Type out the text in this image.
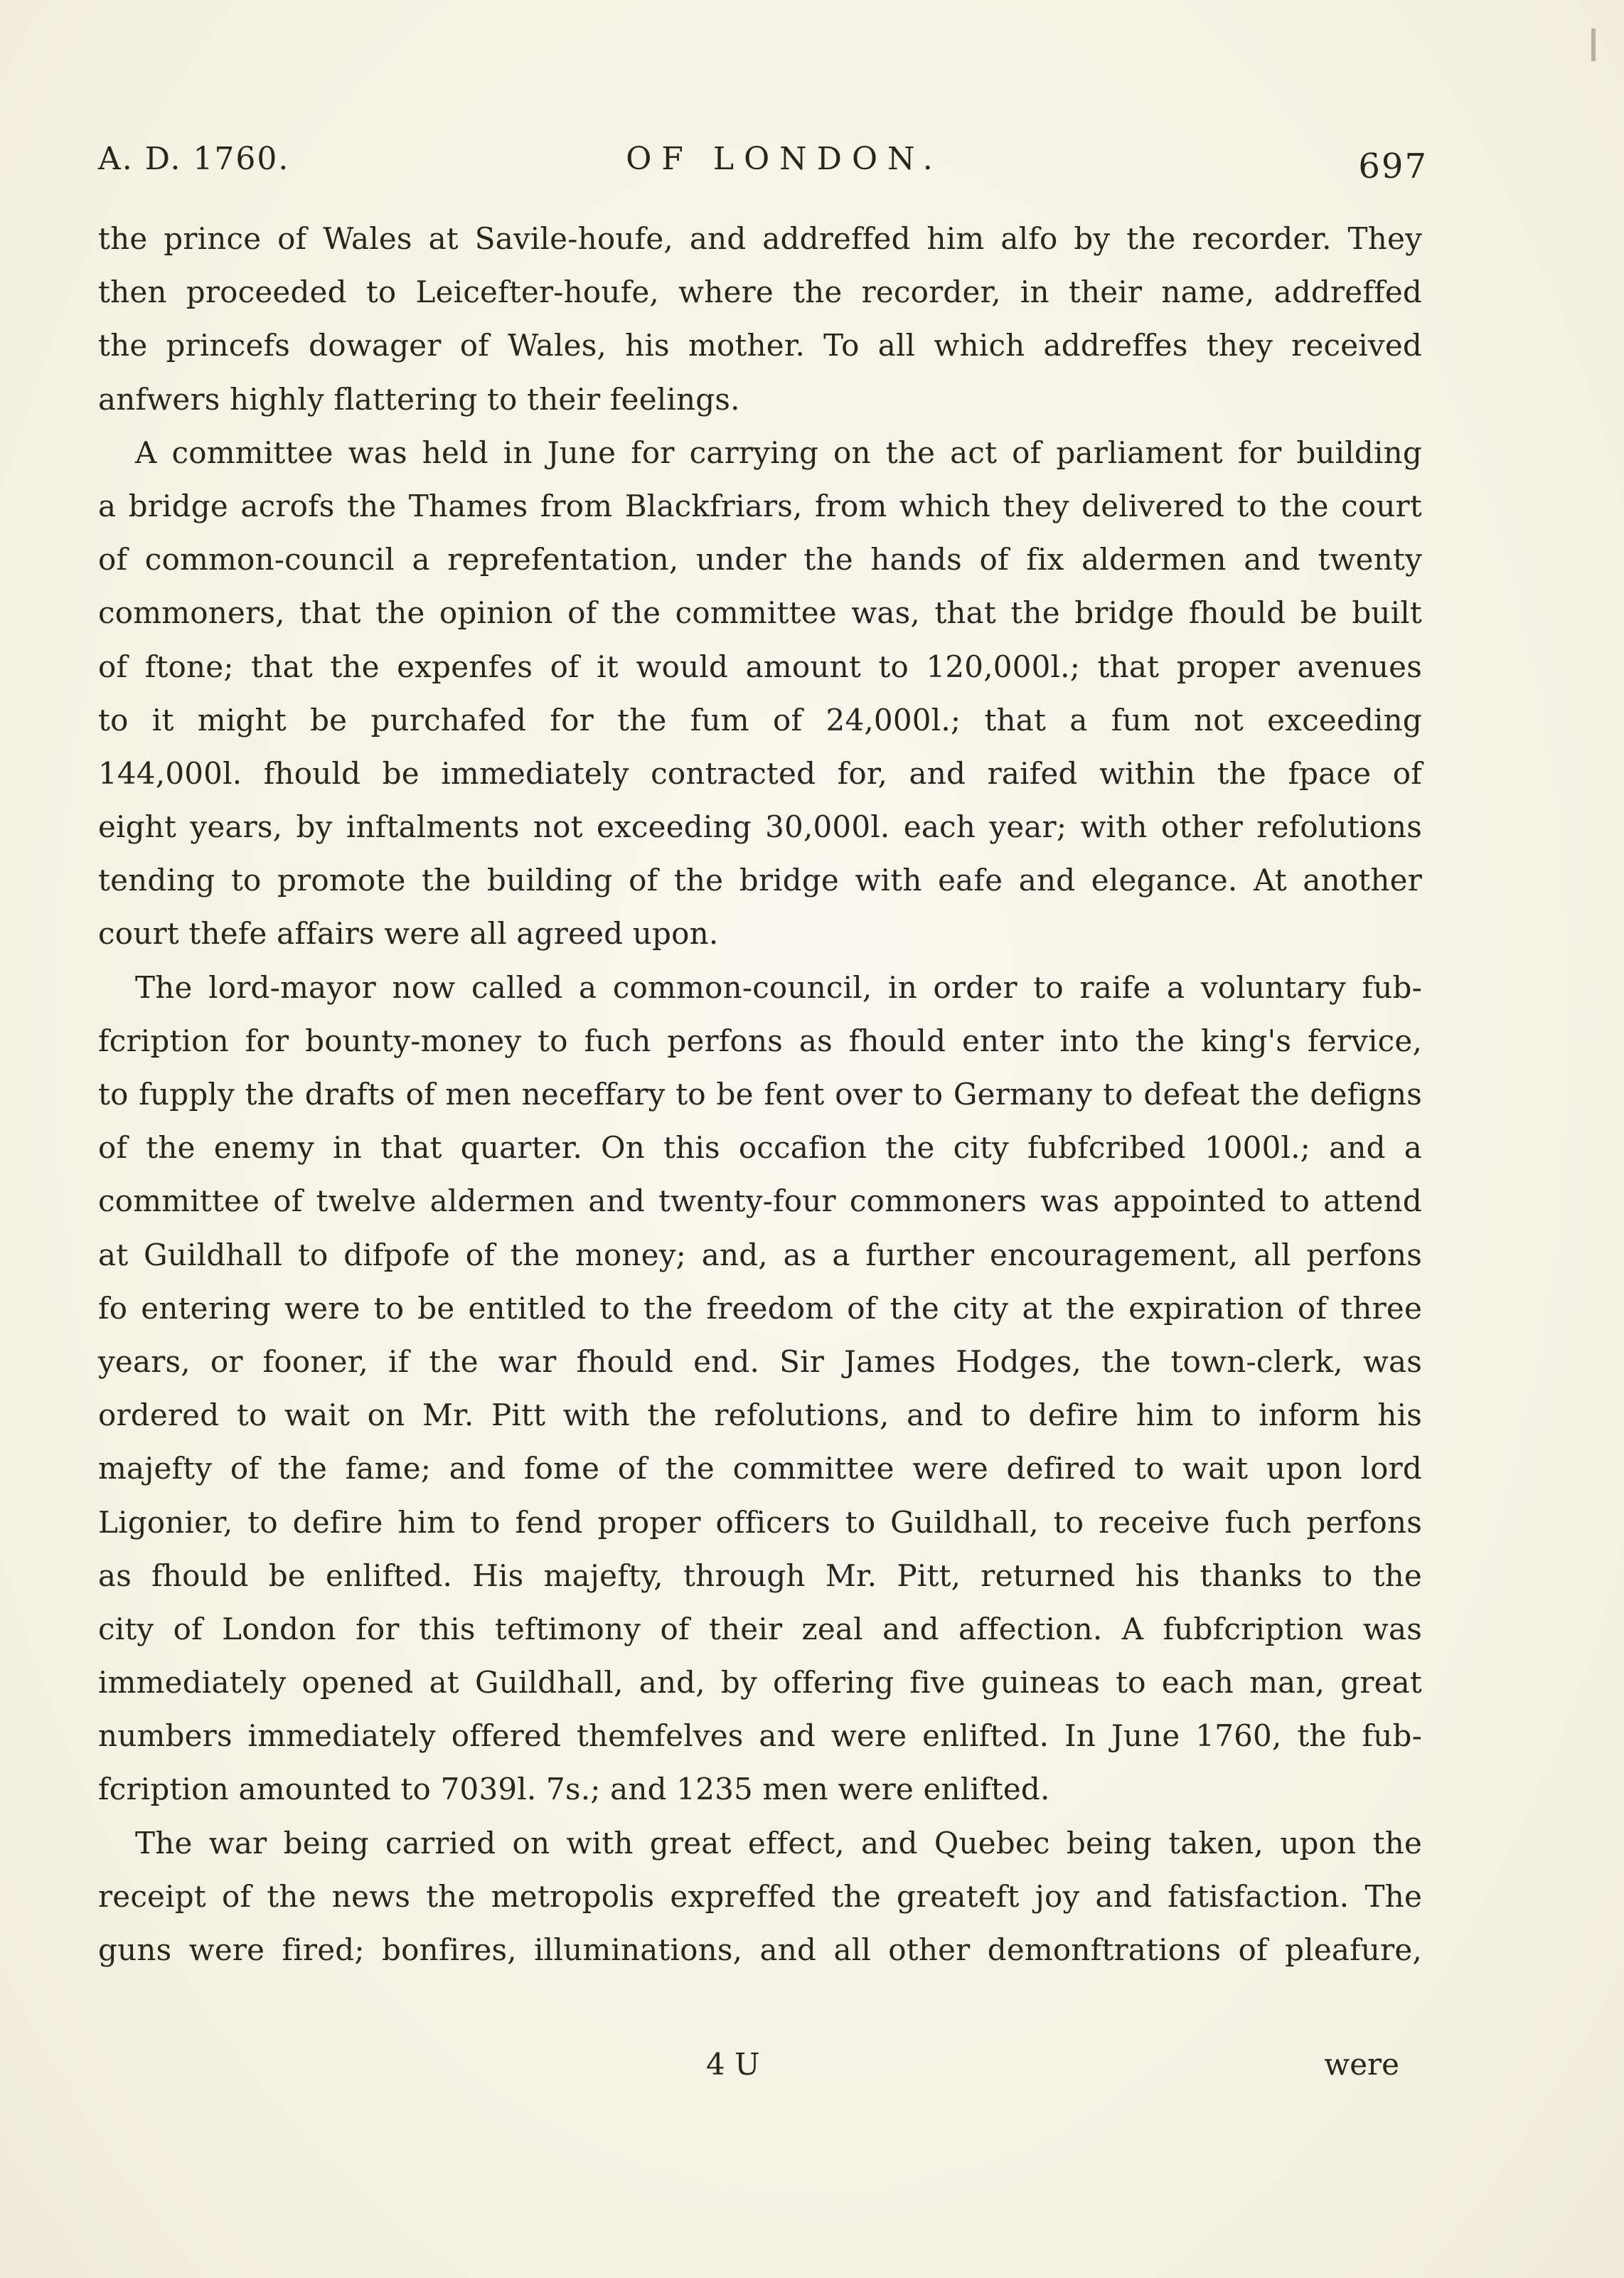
A. D. 1760.	OF LONDON.	697
the prince of Wales at Savile-houfe, and addreffed him alfo by the recorder. They
then proceeded to Leicefter-houfe, where the recorder, in their name, addreffed
the princefs dowager of Wales, his mother. To all which addreffes they received
anfwers highly flattering to their feelings.
A committee was held in June for carrying on the act of parliament for building
a bridge acrofs the Thames from Blackfriars, from which they delivered to the court
of common-council a reprefentation, under the hands of fix aldermen and twenty
commoners, that the opinion of the committee was, that the bridge fhould be built
of ftone; that the expenfes of it would amount to 120,000l.; that proper avenues
to it might be purchafed for the fum of 24,000l.; that a fum not exceeding
144,000l. fhould be immediately contracted for, and raifed within the fpace of
eight years, by inftalments not exceeding 30,000l. each year; with other refolutions
tending to promote the building of the bridge with eafe and elegance. At another
court thefe affairs were all agreed upon.
The lord-mayor now called a common-council, in order to raife a voluntary fub-
fcription for bounty-money to fuch perfons as fhould enter into the king's fervice,
to fupply the drafts of men neceffary to be fent over to Germany to defeat the defigns
of the enemy in that quarter. On this occafion the city fubfcribed 1000l.; and a
committee of twelve aldermen and twenty-four commoners was appointed to attend
at Guildhall to difpofe of the money; and, as a further encouragement, all perfons
fo entering were to be entitled to the freedom of the city at the expiration of three
years, or fooner, if the war fhould end. Sir James Hodges, the town-clerk, was
ordered to wait on Mr. Pitt with the refolutions, and to defire him to inform his
majefty of the fame; and fome of the committee were defired to wait upon lord
Ligonier, to defire him to fend proper officers to Guildhall, to receive fuch perfons
as fhould be enlifted. His majefty, through Mr. Pitt, returned his thanks to the
city of London for this teftimony of their zeal and affection. A fubfcription was
immediately opened at Guildhall, and, by offering five guineas to each man, great
numbers immediately offered themfelves and were enlifted. In June 1760, the fub-
fcription amounted to 7039l. 7s.; and 1235 men were enlifted.
The war being carried on with great effect, and Quebec being taken, upon the
receipt of the news the metropolis expreffed the greateft joy and fatisfaction. The
guns were fired; bonfires, illuminations, and all other demonftrations of pleafure,
4 U	were
